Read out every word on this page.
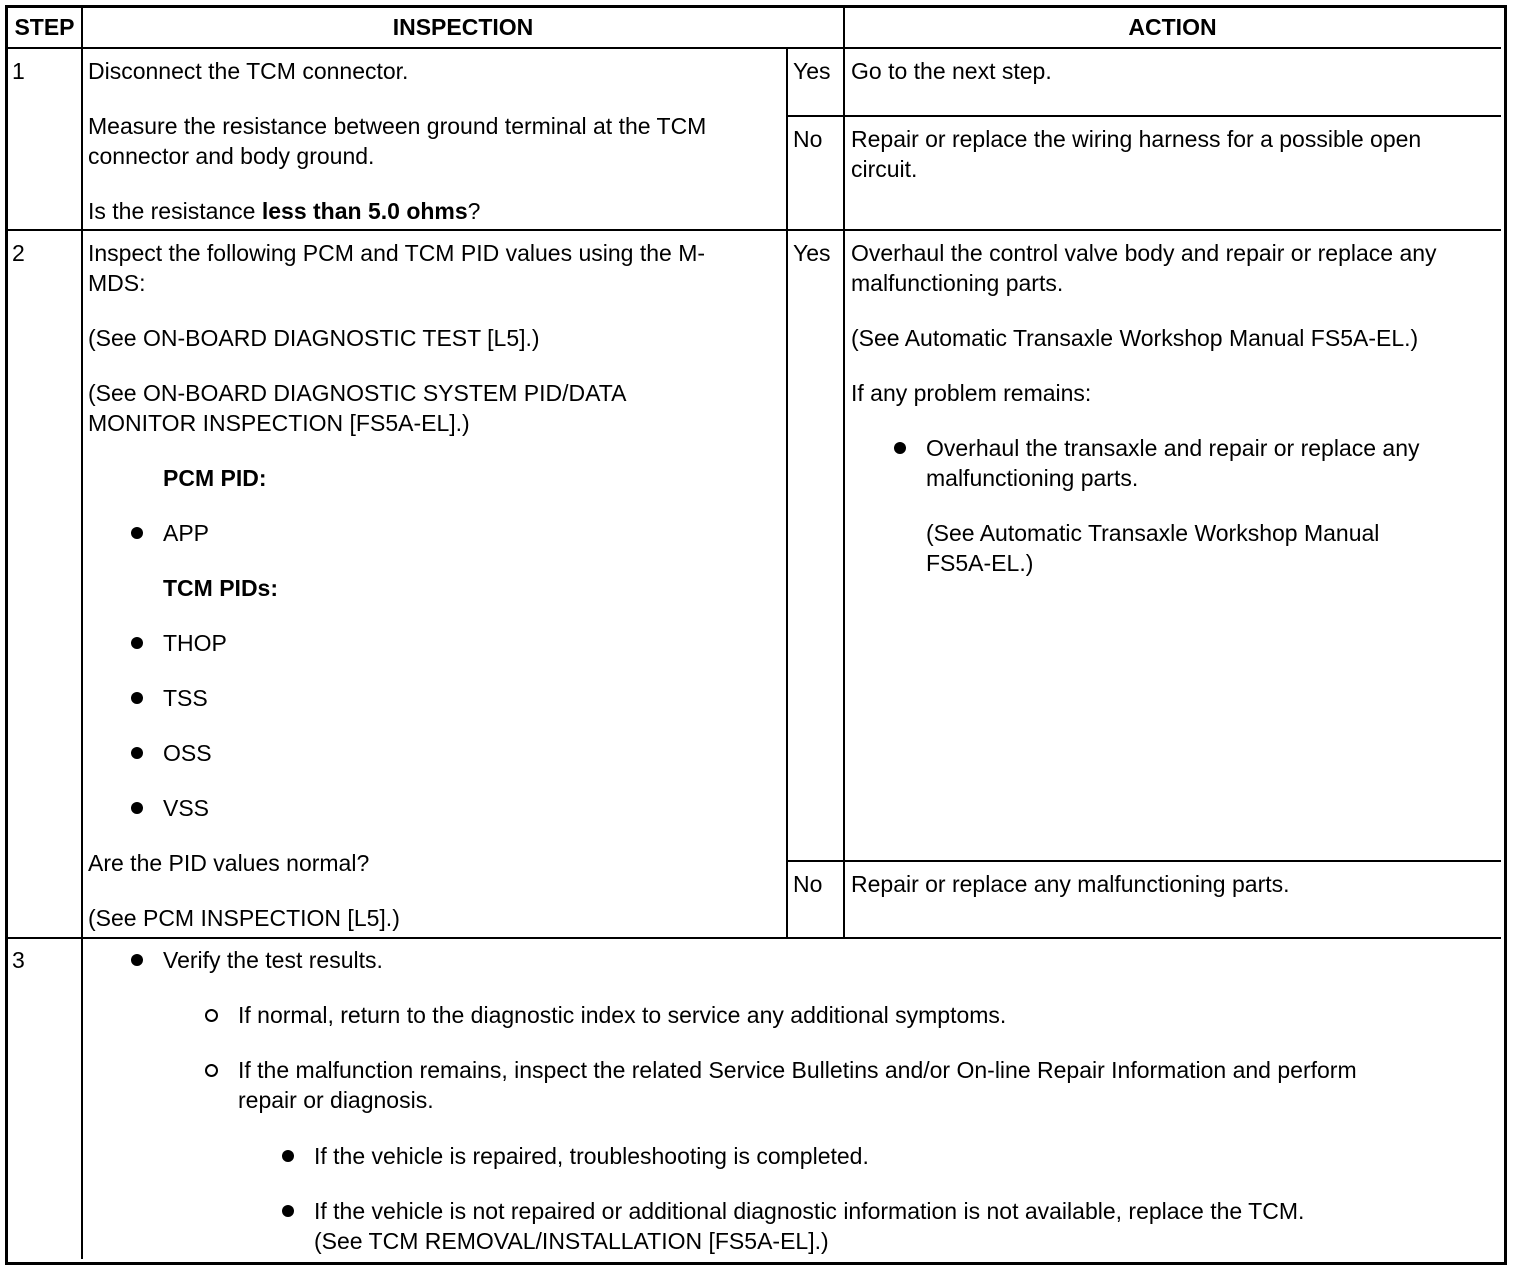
STEP	INSPECTION	ACTION
1	Disconnect the TCM connector.
Measure the resistance between ground terminal at the TCM connector and body ground.
Is the resistance less than 5.0 ohms?
Yes Go to the next step.
No Repair or replace the wiring harness for a possible open circuit.
2	Inspect the following PCM and TCM PID values using the M-MDS:
(See ON-BOARD DIAGNOSTIC TEST [L5].)
(See ON-BOARD DIAGNOSTIC SYSTEM PID/DATA MONITOR INSPECTION [FS5A-EL].)
PCM PID:
APP
TCM PIDs:
THOP
TSS
OSS
VSS
Are the PID values normal?
(See PCM INSPECTION [L5].)
Yes Overhaul the control valve body and repair or replace any malfunctioning parts.
(See Automatic Transaxle Workshop Manual FS5A-EL.)
If any problem remains:
Overhaul the transaxle and repair or replace any malfunctioning parts.
(See Automatic Transaxle Workshop Manual FS5A-EL.)
No Repair or replace any malfunctioning parts.
3	Verify the test results.
If normal, return to the diagnostic index to service any additional symptoms.
If the malfunction remains, inspect the related Service Bulletins and/or On-line Repair Information and perform repair or diagnosis.
If the vehicle is repaired, troubleshooting is completed.
If the vehicle is not repaired or additional diagnostic information is not available, replace the TCM.
(See TCM REMOVAL/INSTALLATION [FS5A-EL].)
